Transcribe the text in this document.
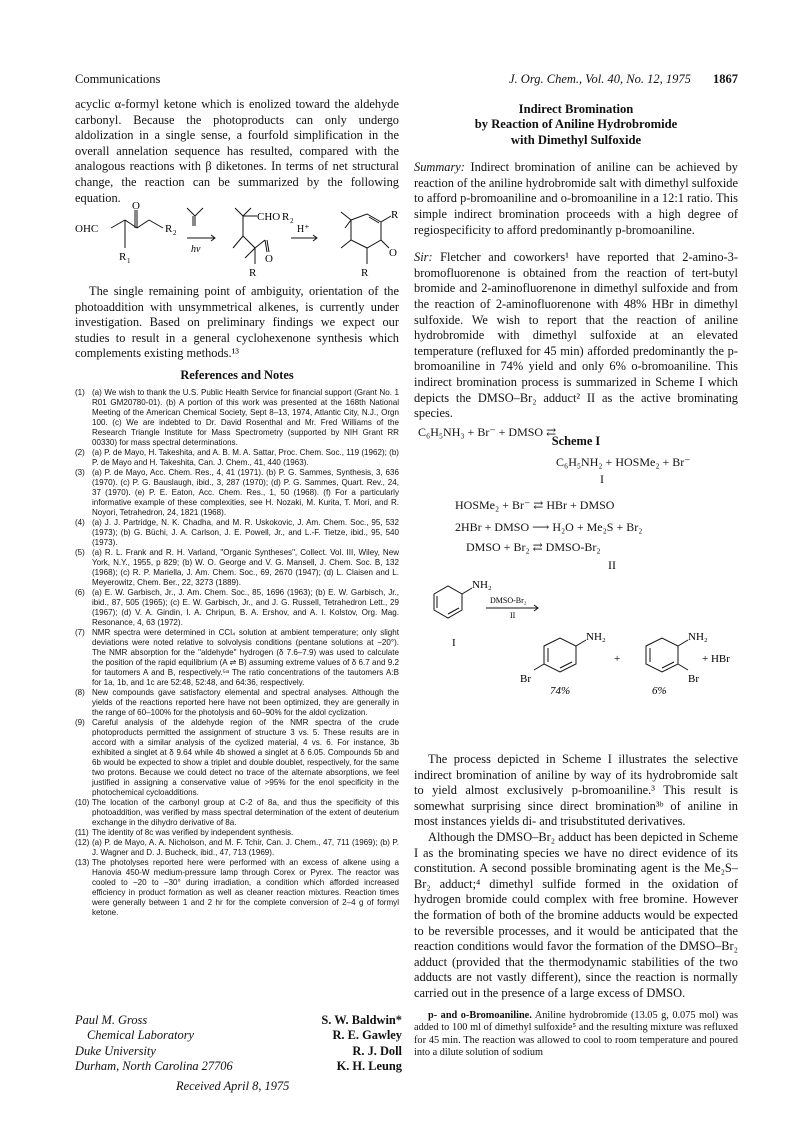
Communications	J. Org. Chem., Vol. 40, No. 12, 1975 1867

acyclic α-formyl ketone which is enolized toward the aldehyde carbonyl. Because the photoproducts can only undergo aldolization in a single sense, a fourfold simplification in the overall annelation sequence has resulted, compared with the analogous reactions with β diketones. In terms of net structural change, the reaction can be summarized by the following equation.

OHC
O
R 2
R 1
hν
CHO R 2
O
R
H⁺
R
O
R

The single remaining point of ambiguity, orientation of the photoaddition with unsymmetrical alkenes, is currently under investigation. Based on preliminary findings we expect our studies to result in a general cyclohexenone synthesis which complements existing methods.¹³

References and Notes
(1) (a) We wish to thank the U.S. Public Health Service for financial support (Grant No. 1 R01 GM20780-01). (b) A portion of this work was presented at the 168th National Meeting of the American Chemical Society, Sept 8–13, 1974, Atlantic City, N.J., Orgn 100. (c) We are indebted to Dr. David Rosenthal and Mr. Fred Williams of the Research Triangle Institute for Mass Spectrometry (supported by NIH Grant RR 00330) for mass spectral determinations.
(2) (a) P. de Mayo, H. Takeshita, and A. B. M. A. Sattar, Proc. Chem. Soc., 119 (1962); (b) P. de Mayo and H. Takeshita, Can. J. Chem., 41, 440 (1963).
(3) (a) P. de Mayo, Acc. Chem. Res., 4, 41 (1971). (b) P. G. Sammes, Synthesis, 3, 636 (1970). (c) P. G. Bauslaugh, ibid., 3, 287 (1970); (d) P. G. Sammes, Quart. Rev., 24, 37 (1970). (e) P. E. Eaton, Acc. Chem. Res., 1, 50 (1968). (f) For a particularly informative example of these complexities, see H. Nozaki, M. Kurita, T. Mori, and R. Noyori, Tetrahedron, 24, 1821 (1968).
(4) (a) J. J. Partridge, N. K. Chadha, and M. R. Uskokovic, J. Am. Chem. Soc., 95, 532 (1973); (b) G. Büchi, J. A. Carlson, J. E. Powell, Jr., and L.-F. Tietze, ibid., 95, 540 (1973).
(5) (a) R. L. Frank and R. H. Varland, "Organic Syntheses", Collect. Vol. III, Wiley, New York, N.Y., 1955, p 829; (b) W. O. George and V. G. Mansell, J. Chem. Soc. B, 132 (1968); (c) R. P. Mariella, J. Am. Chem. Soc., 69, 2670 (1947); (d) L. Claisen and L. Meyerowitz, Chem. Ber., 22, 3273 (1889).
(6) (a) E. W. Garbisch, Jr., J. Am. Chem. Soc., 85, 1696 (1963); (b) E. W. Garbisch, Jr., ibid., 87, 505 (1965); (c) E. W. Garbisch, Jr., and J. G. Russell, Tetrahedron Lett., 29 (1967); (d) V. A. Gindin, I. A. Chripun, B. A. Ershov, and A. I. Kolstov, Org. Mag. Resonance, 4, 63 (1972).
(7) NMR spectra were determined in CCl₄ solution at ambient temperature; only slight deviations were noted relative to solvolysis conditions (pentane solutions at −20°). The NMR absorption for the "aldehyde" hydrogen (δ 7.6–7.9) was used to calculate the position of the rapid equilibrium (A ⇌ B) assuming extreme values of δ 6.7 and 9.2 for tautomers A and B, respectively.⁵ᵃ The ratio concentrations of the tautomers A:B for 1a, 1b, and 1c are 52:48, 52:48, and 64:36, respectively.
(8) New compounds gave satisfactory elemental and spectral analyses. Although the yields of the reactions reported here have not been optimized, they are generally in the range of 60–100% for the photolysis and 60–90% for the aldol cyclization.
(9) Careful analysis of the aldehyde region of the NMR spectra of the crude photoproducts permitted the assignment of structure 3 vs. 5. These results are in accord with a similar analysis of the cyclized material, 4 vs. 6. For instance, 3b exhibited a singlet at δ 9.64 while 4b showed a singlet at δ 6.05. Compounds 5b and 6b would be expected to show a triplet and double doublet, respectively, for the same two protons. Because we could detect no trace of the alternate absorptions, we feel justified in assigning a conservative value of >95% for the enol specificity in the photochemical cycloadditions.
(10) The location of the carbonyl group at C-2 of 8a, and thus the specificity of this photoaddition, was verified by mass spectral determination of the extent of deuterium exchange in the dihydro derivative of 8a.
(11) The identity of 8c was verified by independent synthesis.
(12) (a) P. de Mayo, A. A. Nicholson, and M. F. Tchir, Can. J. Chem., 47, 711 (1969); (b) P. J. Wagner and D. J. Bucheck, ibid., 47, 713 (1969).
(13) The photolyses reported here were performed with an excess of alkene using a Hanovia 450-W medium-pressure lamp through Corex or Pyrex. The reactor was cooled to −20 to −30° during irradiation, a condition which afforded increased efficiency in product formation as well as cleaner reaction mixtures. Reaction times were generally between 1 and 2 hr for the complete conversion of 2–4 g of formyl ketone.
Paul M. Gross
Chemical Laboratory
Duke University
Durham, North Carolina 27706
S. W. Baldwin*
R. E. Gawley
R. J. Doll
K. H. Leung
Received April 8, 1975
Indirect Bromination
by Reaction of Aniline Hydrobromide
with Dimethyl Sulfoxide

Summary: Indirect bromination of aniline can be achieved by reaction of the aniline hydrobromide salt with dimethyl sulfoxide to afford p-bromoaniline and o-bromoaniline in a 12:1 ratio. This simple indirect bromination proceeds with a high degree of regiospecificity to afford predominantly p-bromoaniline.

Sir: Fletcher and coworkers¹ have reported that 2-amino-3-bromofluorenone is obtained from the reaction of tert-butyl bromide and 2-aminofluorenone in dimethyl sulfoxide and from the reaction of 2-aminofluorenone with 48% HBr in dimethyl sulfoxide. We wish to report that the reaction of aniline hydrobromide with dimethyl sulfoxide at an elevated temperature (refluxed for 45 min) afforded predominantly the p-bromoaniline in 74% yield and only 6% o-bromoaniline. This indirect bromination process is summarized in Scheme I which depicts the DMSO–Br₂ adduct² II as the active brominating species.

Scheme I
C₆H₅NH₃ + Br⁻ + DMSO ⇄
C₆H₅NH₂ + HOSMe₂ + Br⁻
I
HOSMe₂ + Br⁻ ⇄ HBr + DMSO
2HBr + DMSO ⟶ H₂O + Me₂S + Br₂
DMSO + Br₂ ⇄ DMSO-Br₂
II
NH₂
DMSO-Br₂
II
I	NH₂
Br
+
NH₂
Br
+ HBr
74%	6%

The process depicted in Scheme I illustrates the selective indirect bromination of aniline by way of its hydrobromide salt to yield almost exclusively p-bromoaniline.³ This result is somewhat surprising since direct bromination³ᵇ of aniline in most instances yields di- and trisubstituted derivatives.

Although the DMSO–Br₂ adduct has been depicted in Scheme I as the brominating species we have no direct evidence of its constitution. A second possible brominating agent is the Me₂S–Br₂ adduct;⁴ dimethyl sulfide formed in the oxidation of hydrogen bromide could complex with free bromine. However the formation of both of the bromine adducts would be expected to be reversible processes, and it would be anticipated that the reaction conditions would favor the formation of the DMSO–Br₂ adduct (provided that the thermodynamic stabilities of the two adducts are not vastly different), since the reaction is normally carried out in the presence of a large excess of DMSO.

p- and o-Bromoaniline. Aniline hydrobromide (13.05 g, 0.075 mol) was added to 100 ml of dimethyl sulfoxide⁵ and the resulting mixture was refluxed for 45 min. The reaction was allowed to cool to room temperature and poured into a dilute solution of sodium
